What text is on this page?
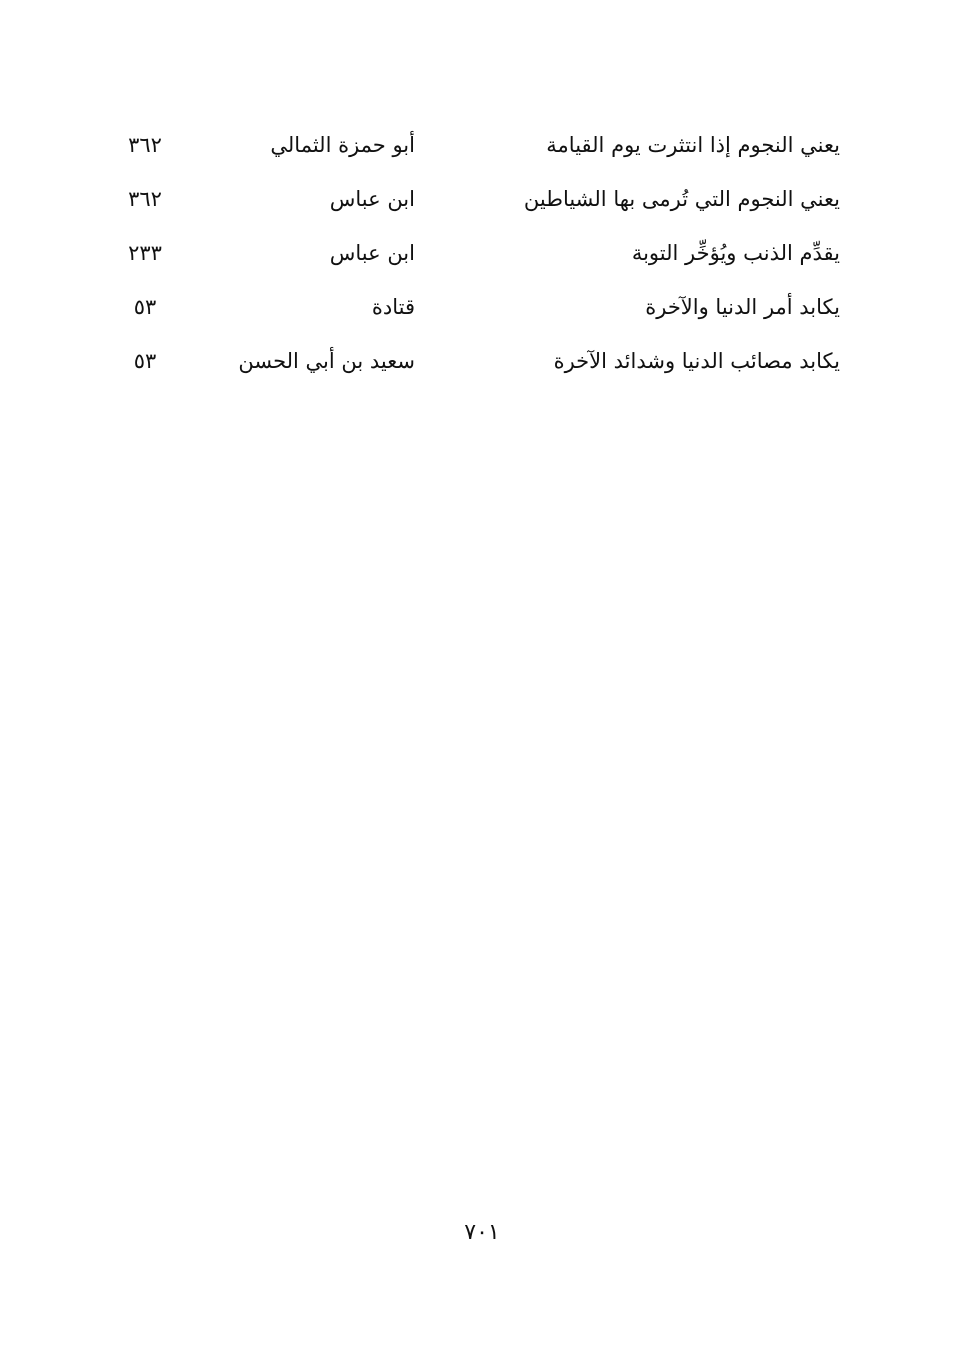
يعني النجوم إذا انتثرت يوم القيامة
أبو حمزة الثمالي
٣٦٢
يعني النجوم التي تُرمى بها الشياطين
ابن عباس
٣٦٢
يقدِّم الذنب ويُؤخِّر التوبة
ابن عباس
٢٣٣
يكابد أمر الدنيا والآخرة
قتادة
٥٣
يكابد مصائب الدنيا وشدائد الآخرة
سعيد بن أبي الحسن
٥٣
٧٠١
